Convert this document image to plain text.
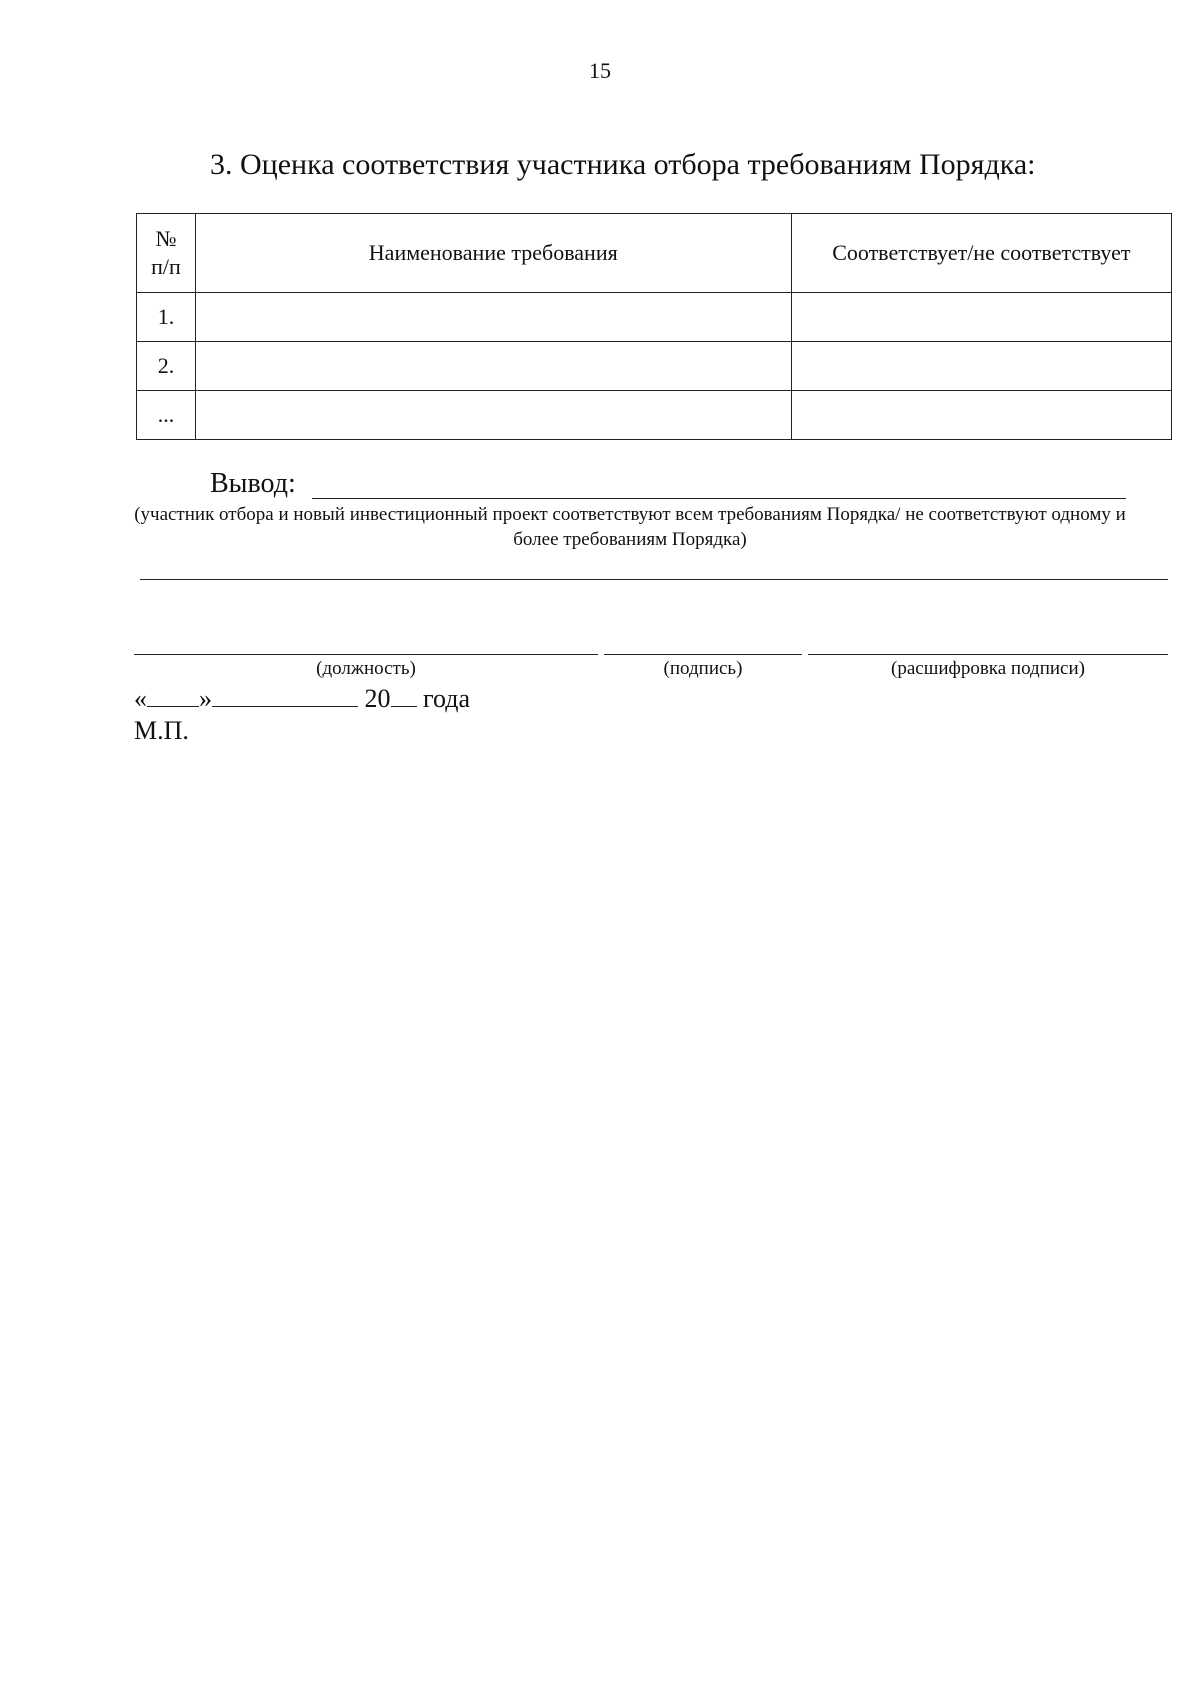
15
3. Оценка соответствия участника отбора требованиям Порядка:
№
п/п	Наименование требования	Соответствует/не соответствует
1.		
2.		
...		
Вывод:
(участник отбора и новый инвестиционный проект соответствуют всем требованиям Порядка/ не соответствуют одному и более требованиям Порядка)
(должность)	(подпись)	(расшифровка подписи)
« »	20 года
М.П.
